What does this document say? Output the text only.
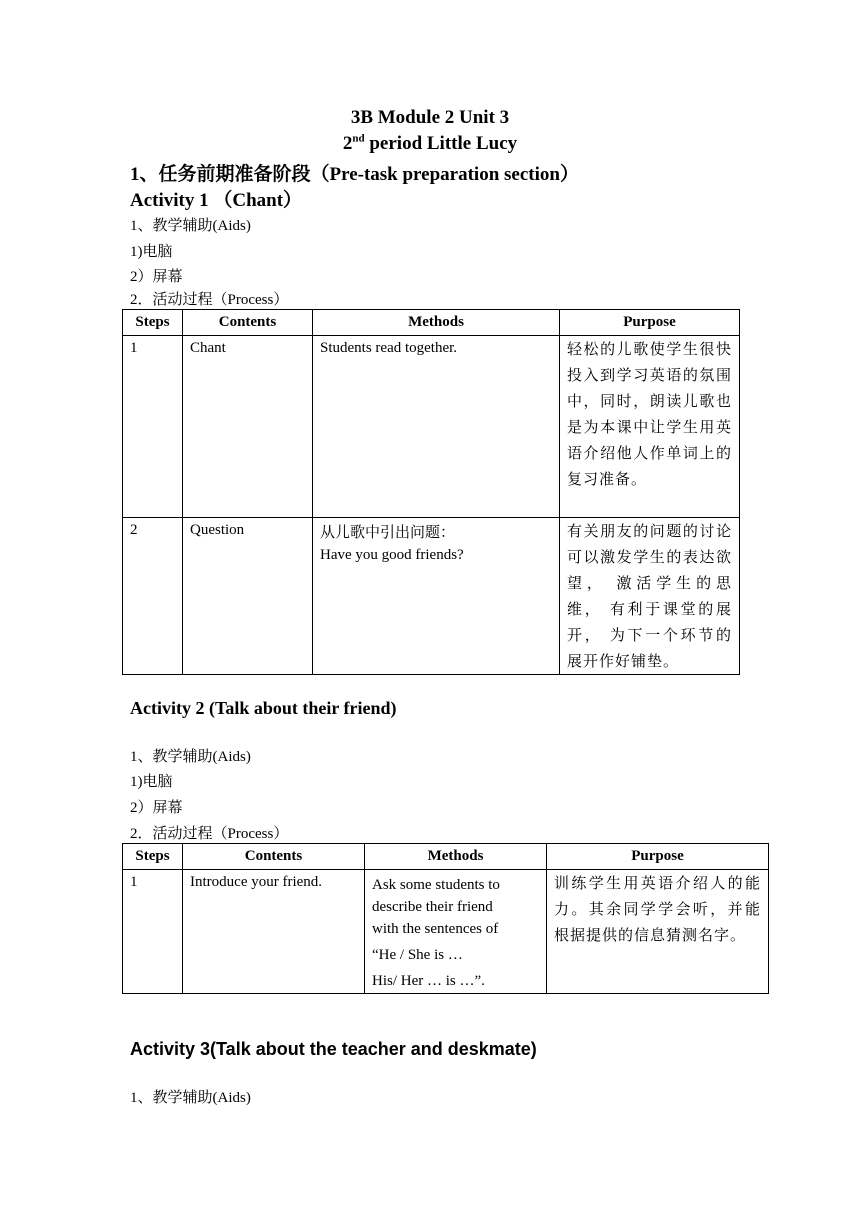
3B Module 2 Unit 3
2nd period Little Lucy
1、任务前期准备阶段（Pre-task preparation section）
Activity 1 （Chant）
1、教学辅助(Aids)
1)电脑
2）屏幕
2．活动过程（Process）
Steps	Contents	Methods	Purpose
1	Chant	Students read together.	轻松的儿歌使学生很快投入到学习英语的氛围中，同时，朗读儿歌也是为本课中让学生用英语介绍他人作单词上的复习准备。
2	Question	从儿歌中引出问题：
Have you good friends?	有关朋友的问题的讨论可以激发学生的表达欲望， 激活学生的思维， 有利于课堂的展开， 为下一个环节的展开作好铺垫。
Activity 2 (Talk about their friend)
1、教学辅助(Aids)
1)电脑
2）屏幕
2．活动过程（Process）
Steps	Contents	Methods	Purpose
1	Introduce your friend.	Ask some students to
describe their friend
with the sentences of
“He / She is …
His/ Her … is …”.	训练学生用英语介绍人的能力。其余同学学会听，并能根据提供的信息猜测名字。
Activity 3(Talk about the teacher and deskmate)
1、教学辅助(Aids)
